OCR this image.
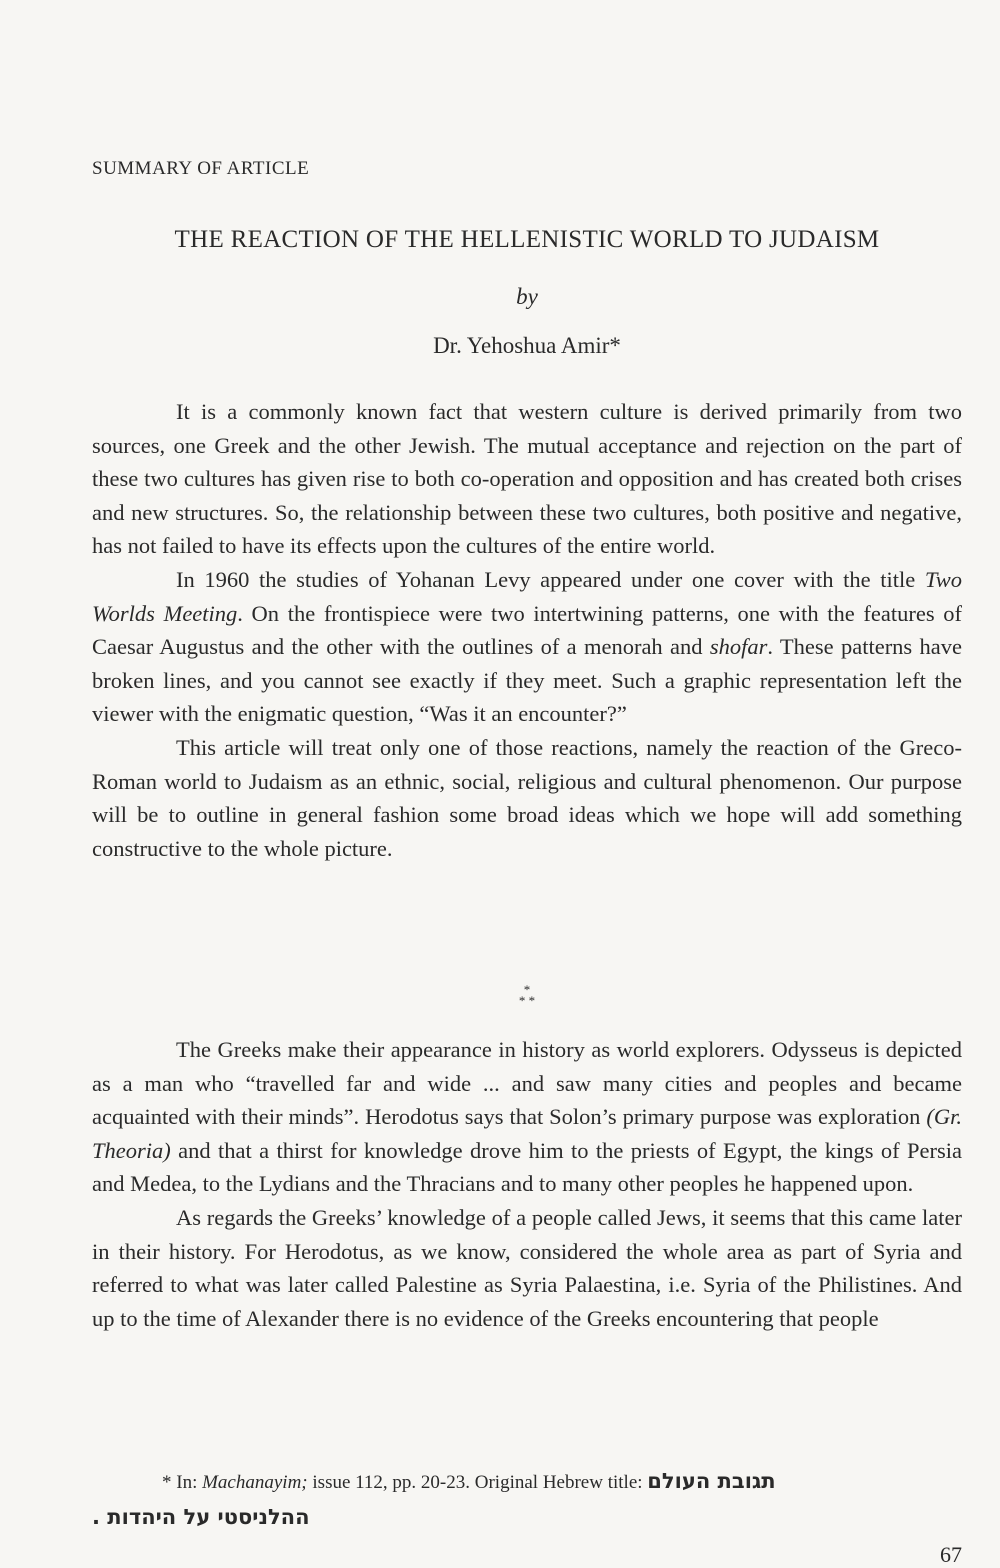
SUMMARY OF ARTICLE
THE REACTION OF THE HELLENISTIC WORLD TO JUDAISM
by
Dr. Yehoshua Amir*

It is a commonly known fact that western culture is derived primarily from two sources, one Greek and the other Jewish. The mutual acceptance and rejection on the part of these two cultures has given rise to both co-operation and opposition and has created both crises and new structures. So, the relationship between these two cultures, both positive and negative, has not failed to have its effects upon the cultures of the entire world.

In 1960 the studies of Yohanan Levy appeared under one cover with the title Two Worlds Meeting. On the frontispiece were two intertwining patterns, one with the features of Caesar Augustus and the other with the outlines of a menorah and shofar. These patterns have broken lines, and you cannot see exactly if they meet. Such a graphic representation left the viewer with the enigmatic question, “Was it an encounter?”

This article will treat only one of those reactions, namely the reaction of the Greco-Roman world to Judaism as an ethnic, social, religious and cultural phenomenon. Our purpose will be to outline in general fashion some broad ideas which we hope will add something constructive to the whole picture.

*
* *

The Greeks make their appearance in history as world explorers. Odysseus is depicted as a man who “travelled far and wide ... and saw many cities and peoples and became acquainted with their minds”. Herodotus says that Solon’s primary purpose was exploration (Gr. Theoria) and that a thirst for knowledge drove him to the priests of Egypt, the kings of Persia and Medea, to the Lydians and the Thracians and to many other peoples he happened upon.

As regards the Greeks’ knowledge of a people called Jews, it seems that this came later in their history. For Herodotus, as we know, considered the whole area as part of Syria and referred to what was later called Palestine as Syria Palaestina, i.e. Syria of the Philistines. And up to the time of Alexander there is no evidence of the Greeks encountering that people

* In: Machanayim; issue 112, pp. 20-23. Original Hebrew title: תגובת העולם
ההלניסטי על היהדות .
67
